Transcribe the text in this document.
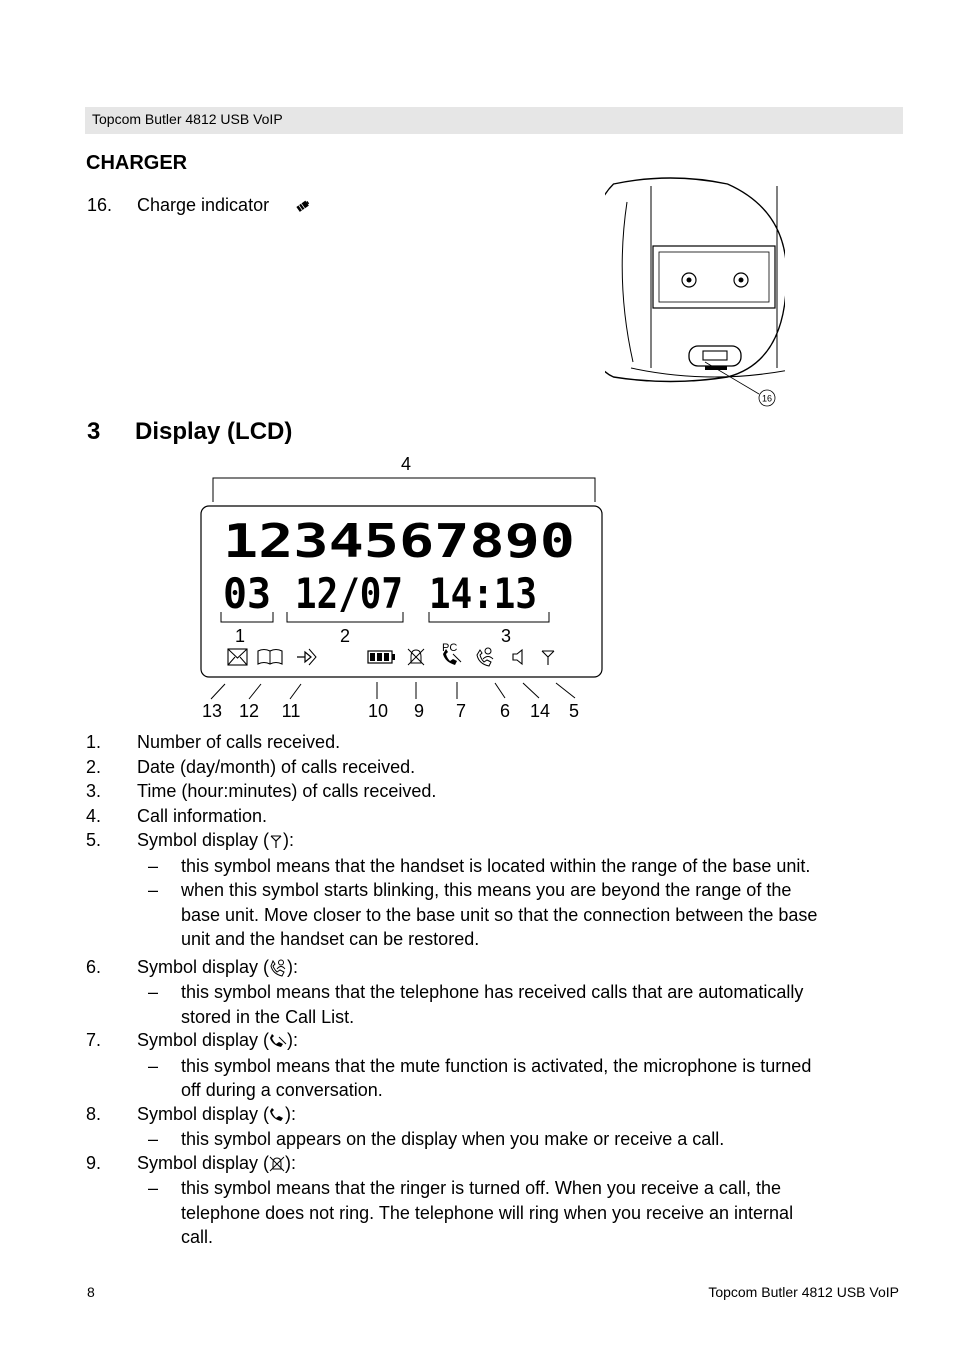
Topcom Butler 4812 USB VoIP
CHARGER
16. Charge indicator
16
3 Display (LCD)
4
1234567890
03 12/07 14:13
1	2	3
PC
13 12 11	10 9 7 6 14 5
1. Number of calls received.
2. Date (day/month) of calls received.
3. Time (hour:minutes) of calls received.
4. Call information.
5. Symbol display ( ):
– this symbol means that the handset is located within the range of the base unit.
– when this symbol starts blinking, this means you are beyond the range of the
base unit. Move closer to the base unit so that the connection between the base
unit and the handset can be restored.
6. Symbol display ( ):
– this symbol means that the telephone has received calls that are automatically
stored in the Call List.
7. Symbol display ( ):
– this symbol means that the mute function is activated, the microphone is turned
off during a conversation.
8. Symbol display ( ):
– this symbol appears on the display when you make or receive a call.
9. Symbol display ( ):
– this symbol means that the ringer is turned off. When you receive a call, the
telephone does not ring. The telephone will ring when you receive an internal
call.
8	Topcom Butler 4812 USB VoIP
